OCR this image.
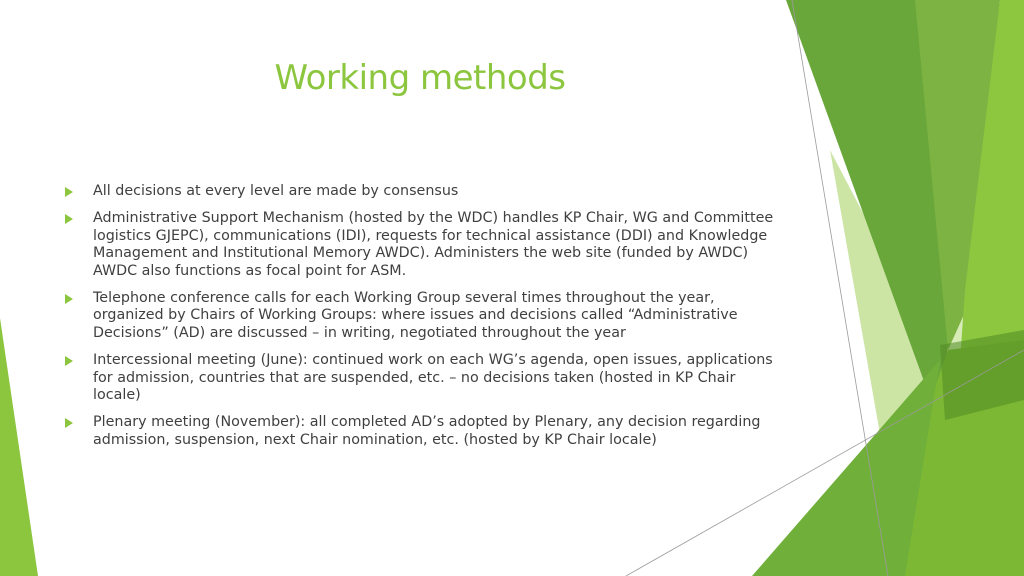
Working methods
All decisions at every level are made by consensus
Administrative Support Mechanism (hosted by the WDC) handles KP Chair, WG and Committee logistics GJEPC), communications (IDI), requests for technical assistance (DDI) and Knowledge Management and Institutional Memory AWDC). Administers the web site (funded by AWDC) AWDC also functions as focal point for ASM.
Telephone conference calls for each Working Group several times throughout the year, organized by Chairs of Working Groups: where issues and decisions called “Administrative Decisions” (AD) are discussed – in writing, negotiated throughout the year
Intercessional meeting (June): continued work on each WG’s agenda, open issues, applications for admission, countries that are suspended, etc. – no decisions taken (hosted in KP Chair locale)
Plenary meeting (November): all completed AD’s adopted by Plenary, any decision regarding admission, suspension, next Chair nomination, etc. (hosted by KP Chair locale)
